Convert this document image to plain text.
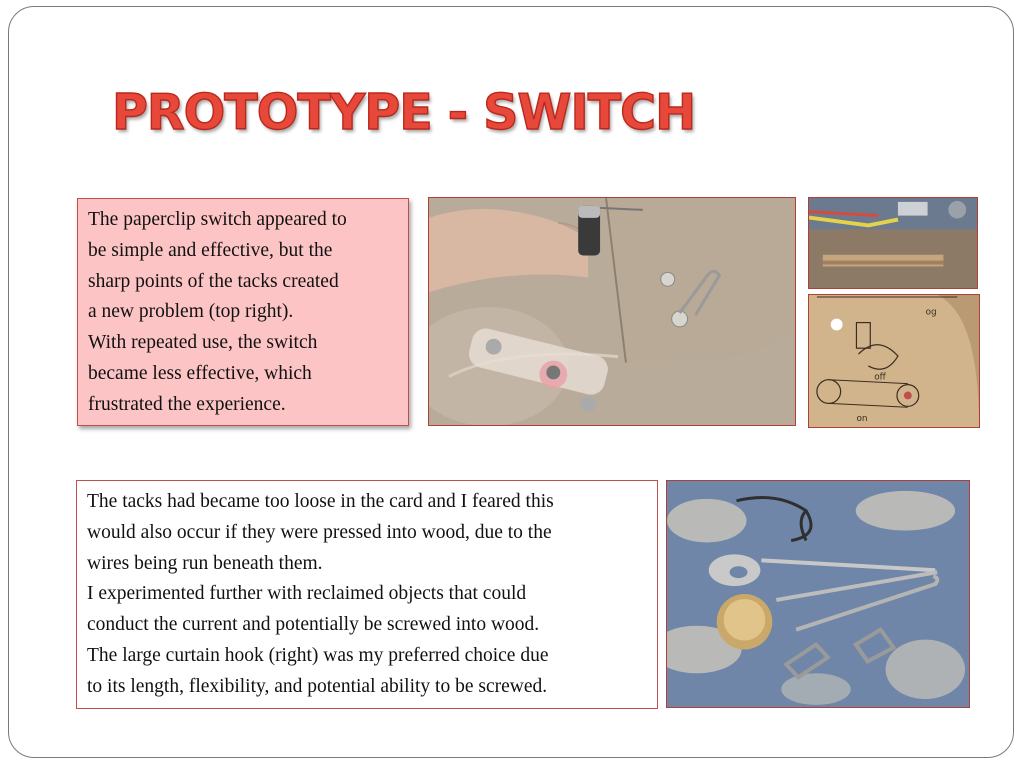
PROTOTYPE - SWITCH

The paperclip switch appeared to

be simple and effective, but the

sharp points of the tacks created

a new problem (top right).

With repeated use, the switch

became less effective, which

frustrated the experience.

off
on
og

The tacks had became too loose in the card and I feared this

would also occur if they were pressed into wood, due to the

wires being run beneath them.

I experimented further with reclaimed objects that could

conduct the current and potentially be screwed into wood.

The large curtain hook (right) was my preferred choice due

to its length, flexibility, and potential ability to be screwed.
